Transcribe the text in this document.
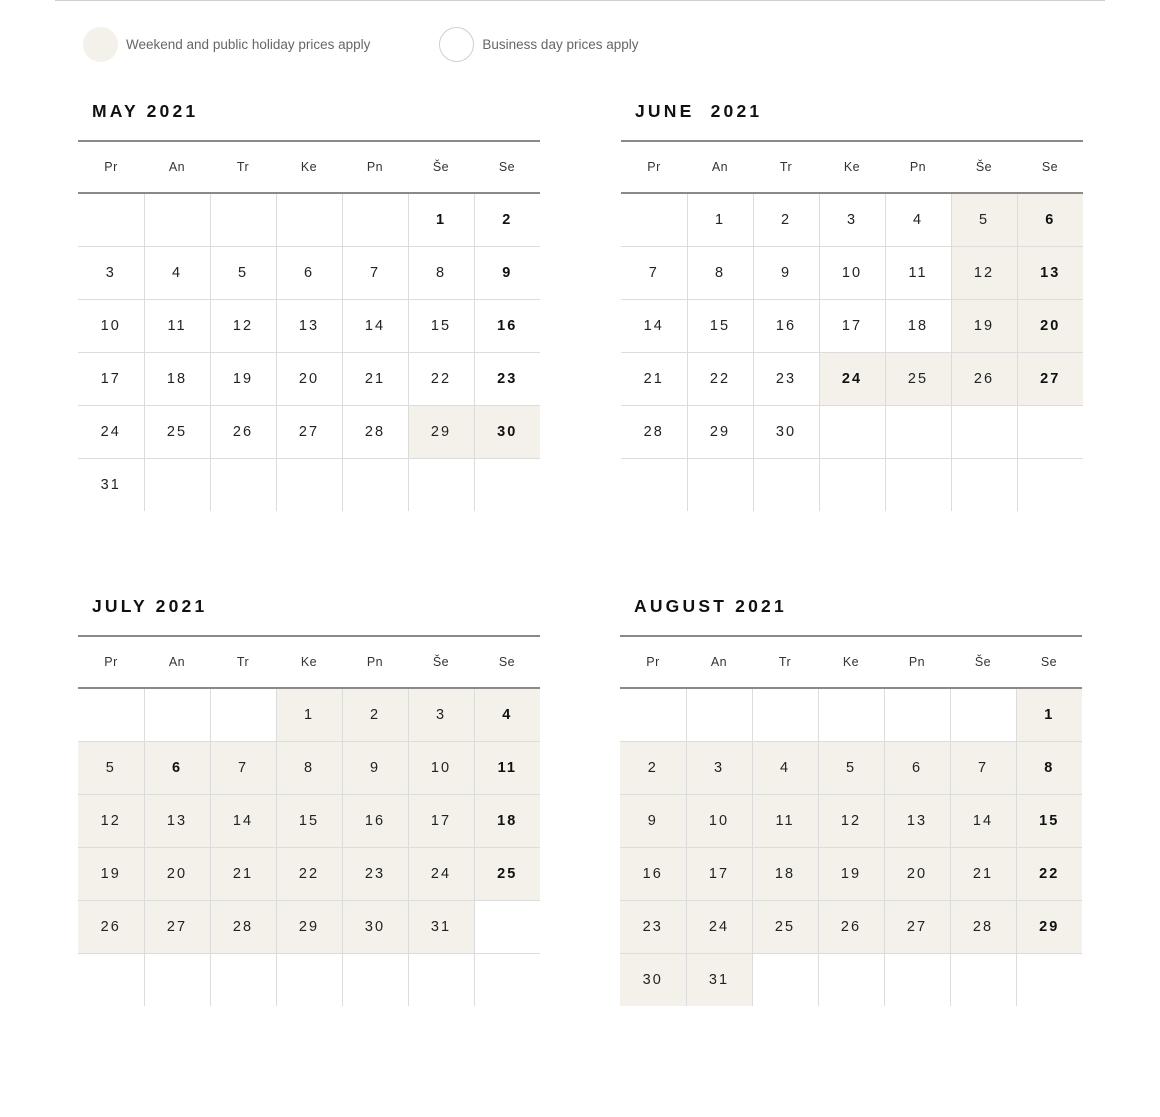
Weekend and public holiday prices apply	Business day prices apply
MAY 2021
Pr	An	Tr	Ke	Pn	Še	Se
					1	2
3	4	5	6	7	8	9
10	11	12	13	14	15	16
17	18	19	20	21	22	23
24	25	26	27	28	29	30
31						
JUNE  2021
Pr	An	Tr	Ke	Pn	Še	Se
	1	2	3	4	5	6
7	8	9	10	11	12	13
14	15	16	17	18	19	20
21	22	23	24	25	26	27
28	29	30				

JULY 2021
Pr	An	Tr	Ke	Pn	Še	Se
			1	2	3	4
5	6	7	8	9	10	11
12	13	14	15	16	17	18
19	20	21	22	23	24	25
26	27	28	29	30	31	

AUGUST 2021
Pr	An	Tr	Ke	Pn	Še	Se
						1
2	3	4	5	6	7	8
9	10	11	12	13	14	15
16	17	18	19	20	21	22
23	24	25	26	27	28	29
30	31					
